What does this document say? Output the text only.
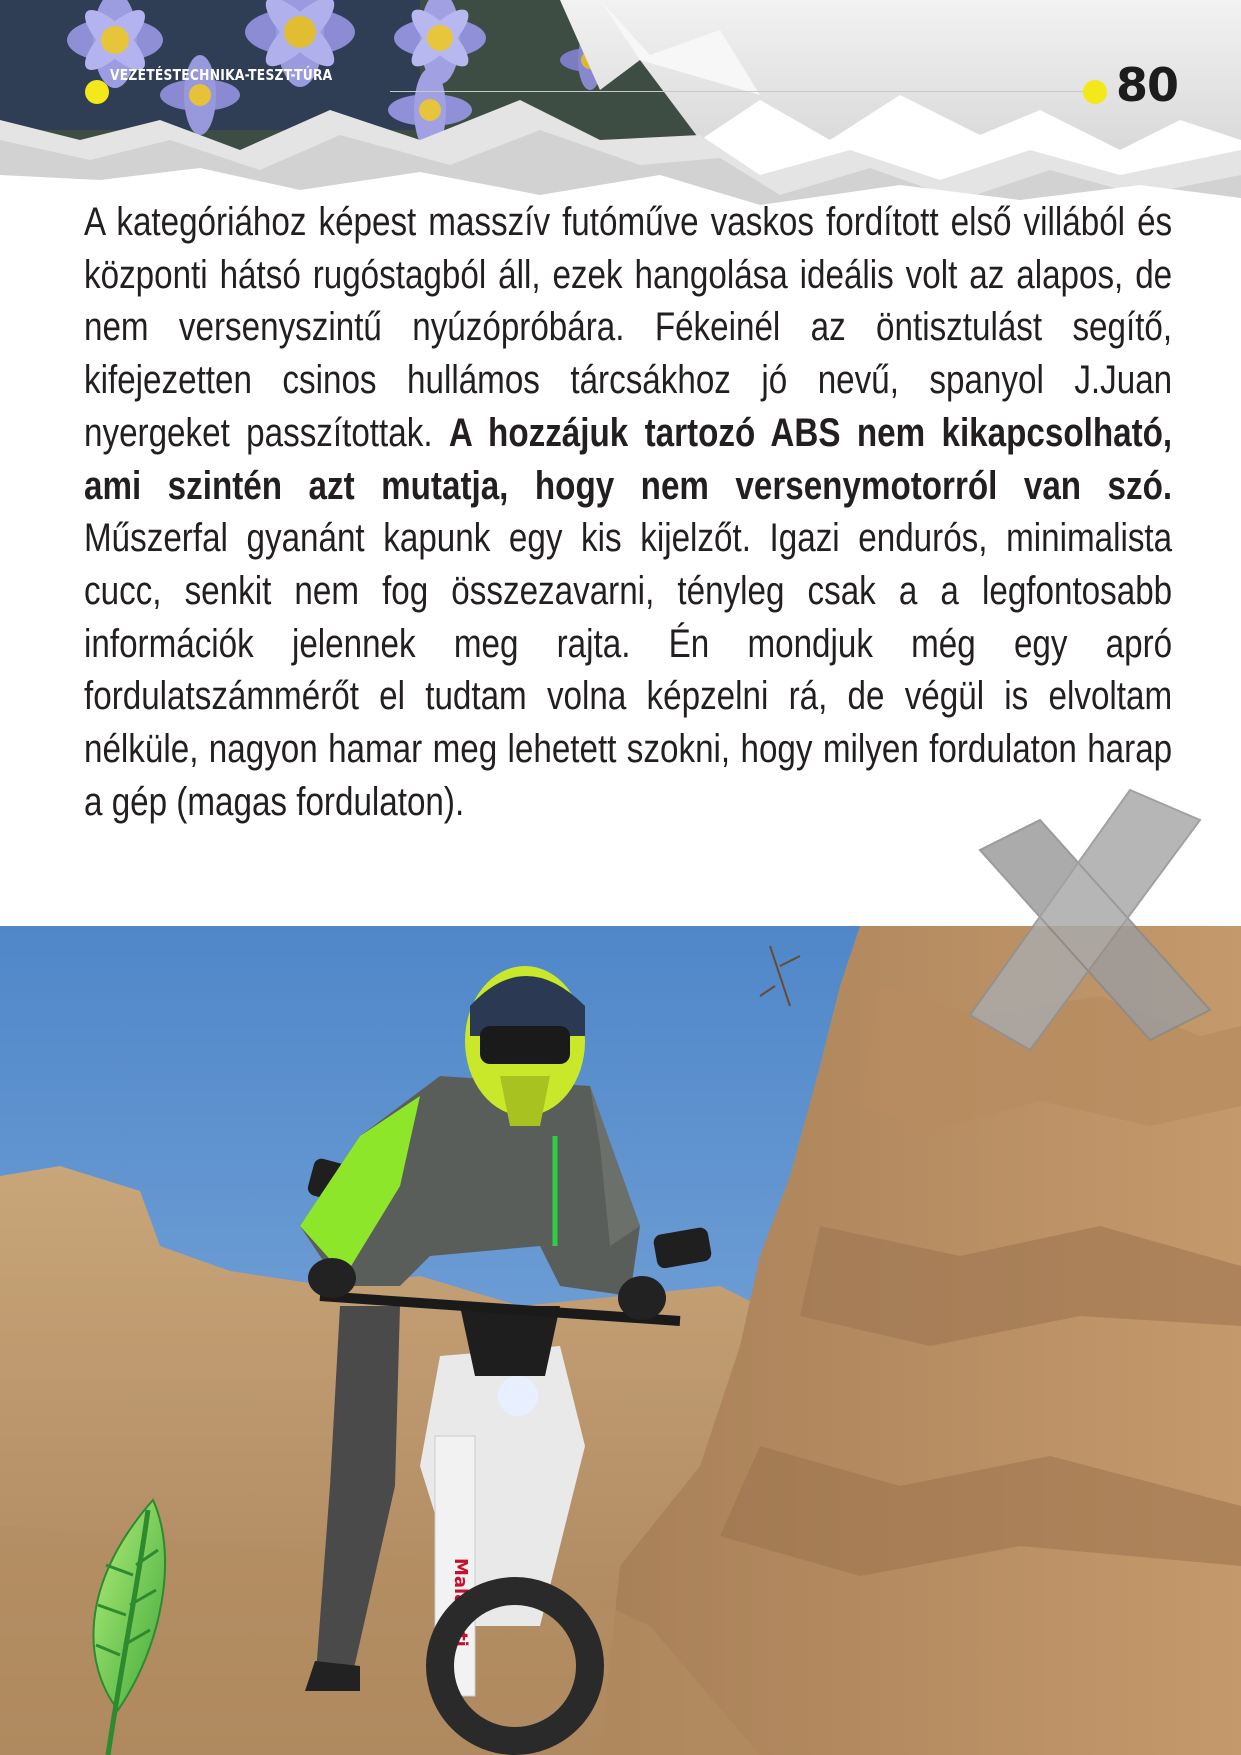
VEZETÉSTECHNIKA-TESZT-TÚRA	80

A kategóriához képest masszív futóműve vaskos fordított első villából és központi hátsó rugóstagból áll, ezek hangolása ideális volt az alapos, de nem versenyszintű nyúzópróbára. Fékeinél az öntisztulást segítő, kifejezetten csinos hullámos tárcsákhoz jó nevű, spanyol J.Juan nyergeket passzítottak. A hozzájuk tartozó ABS nem kikapcsolható, ami szintén azt mutatja, hogy nem versenymotorról van szó. Műszerfal gyanánt kapunk egy kis kijelzőt. Igazi endurós, minimalista cucc, senkit nem fog összezavarni, tényleg csak a a legfontosabb információk jelennek meg rajta. Én mondjuk még egy apró fordulatszámmérőt el tudtam volna képzelni rá, de végül is elvoltam nélküle, nagyon hamar meg lehetett szokni, hogy milyen fordulaton harap a gép (magas fordulaton).

Malaguti
